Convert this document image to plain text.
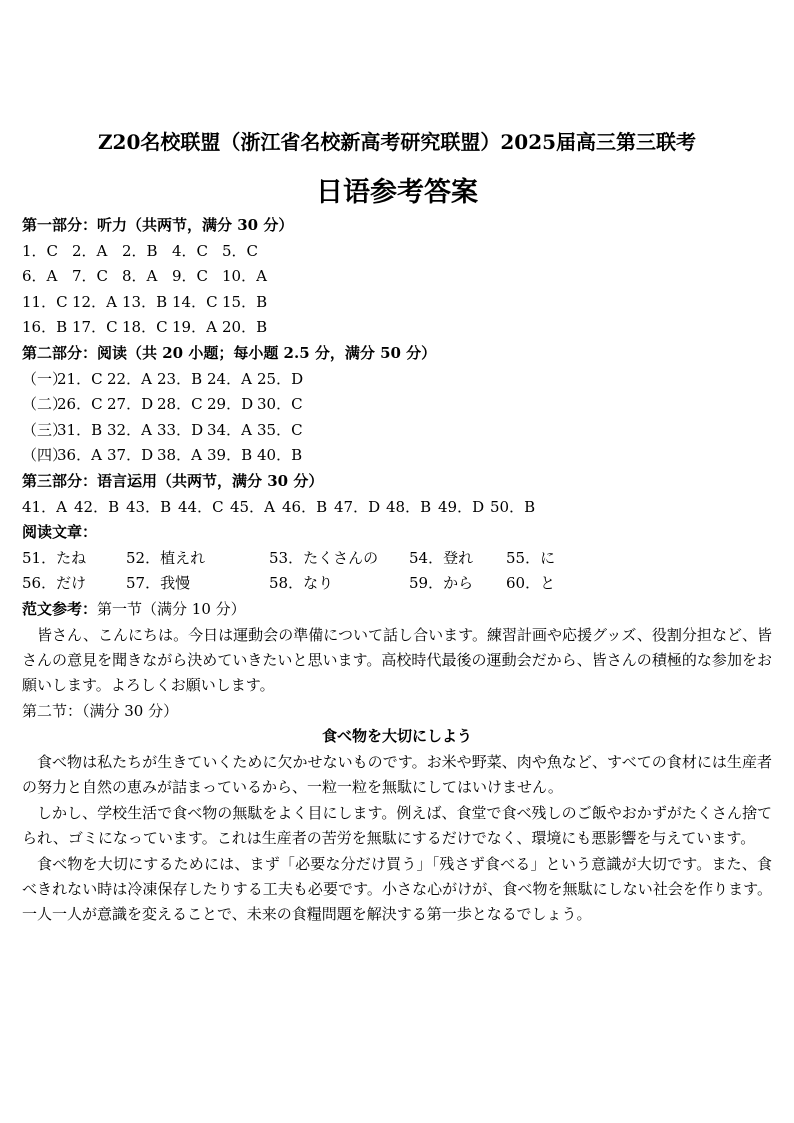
Z20名校联盟（浙江省名校新高考研究联盟）2025届高三第三联考
日语参考答案
第一部分：听力（共两节，满分 30 分）
1．C 2．A 2．B 4．C 5．C
6．A 7．C 8．A 9．C 10．A
11．C 12．A 13．B 14．C 15．B
16．B 17．C 18．C 19．A 20．B
第二部分：阅读（共 20 小题；每小题 2.5 分，满分 50 分）
（一）21．C 22．A 23．B 24．A 25．D
（二）26．C 27．D 28．C 29．D 30．C
（三）31．B 32．A 33．D 34．A 35．C
（四）36．A 37．D 38．A 39．B 40．B
第三部分：语言运用（共两节，满分 30 分）
41．A 42．B 43．B 44．C 45．A 46．B 47．D 48．B 49．D 50．B
阅读文章：
51．たね	52．植えれ	53．たくさんの 54．登れ 55．に
56．だけ	57．我慢	58．なり	59．から 60．と
范文参考：第一节（满分 10 分）

皆さん、こんにちは。今日は運動会の準備について話し合います。練習計画や応援グッズ、役割分担など、皆さんの意見を聞きながら決めていきたいと思います。高校時代最後の運動会だから、皆さんの積極的な参加をお願いします。よろしくお願いします。

第二节：（满分 30 分）
食べ物を大切にしよう

食べ物は私たちが生きていくために欠かせないものです。お米や野菜、肉や魚など、すべての食材には生産者の努力と自然の恵みが詰まっているから、一粒一粒を無駄にしてはいけません。

しかし、学校生活で食べ物の無駄をよく目にします。例えば、食堂で食べ残しのご飯やおかずがたくさん捨てられ、ゴミになっています。これは生産者の苦労を無駄にするだけでなく、環境にも悪影響を与えています。

食べ物を大切にするためには、まず「必要な分だけ買う」「残さず食べる」という意識が大切です。また、食べきれない時は冷凍保存したりする工夫も必要です。小さな心がけが、食べ物を無駄にしない社会を作ります。一人一人が意識を変えることで、未来の食糧問題を解決する第一歩となるでしょう。
